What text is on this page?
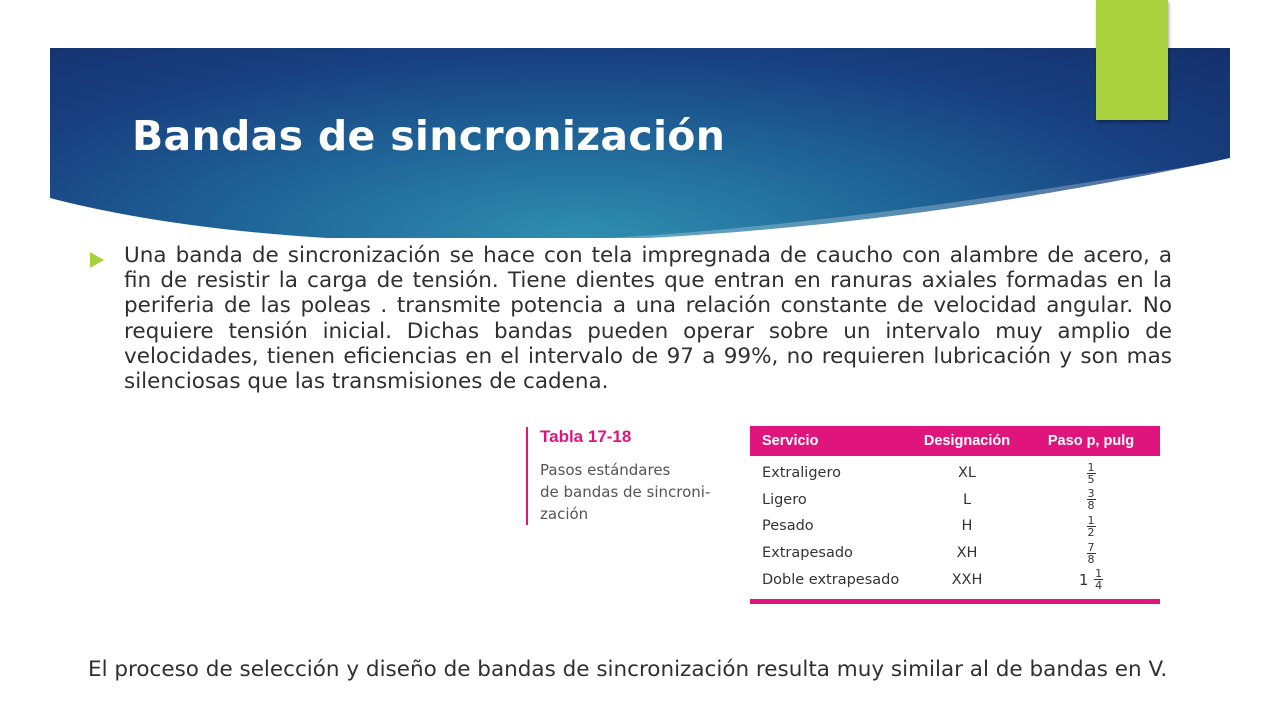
Bandas de sincronización

Una banda de sincronización se hace con tela impregnada de caucho con alambre de acero, a fin de resistir la carga de tensión. Tiene dientes que entran en ranuras axiales formadas en la periferia de las poleas . transmite potencia a una relación constante de velocidad angular. No requiere tensión inicial. Dichas bandas pueden operar sobre un intervalo muy amplio de velocidades, tienen eficiencias en el intervalo de 97 a 99%, no requieren lubricación y son mas silenciosas que las transmisiones de cadena.

Tabla 17-18

Pasos estándares
de bandas de sincroni-
zación

Servicio	Designación	Paso p, pulg
Extraligero	XL	$\frac{1}{5}$
Ligero	L	$\frac{3}{8}$
Pesado	H	$\frac{1}{2}$
Extrapesado	XH	$\frac{7}{8}$
Doble extrapesado	XXH	$1 \frac{1}{4}$

El proceso de selección y diseño de bandas de sincronización resulta muy similar al de bandas en V.
